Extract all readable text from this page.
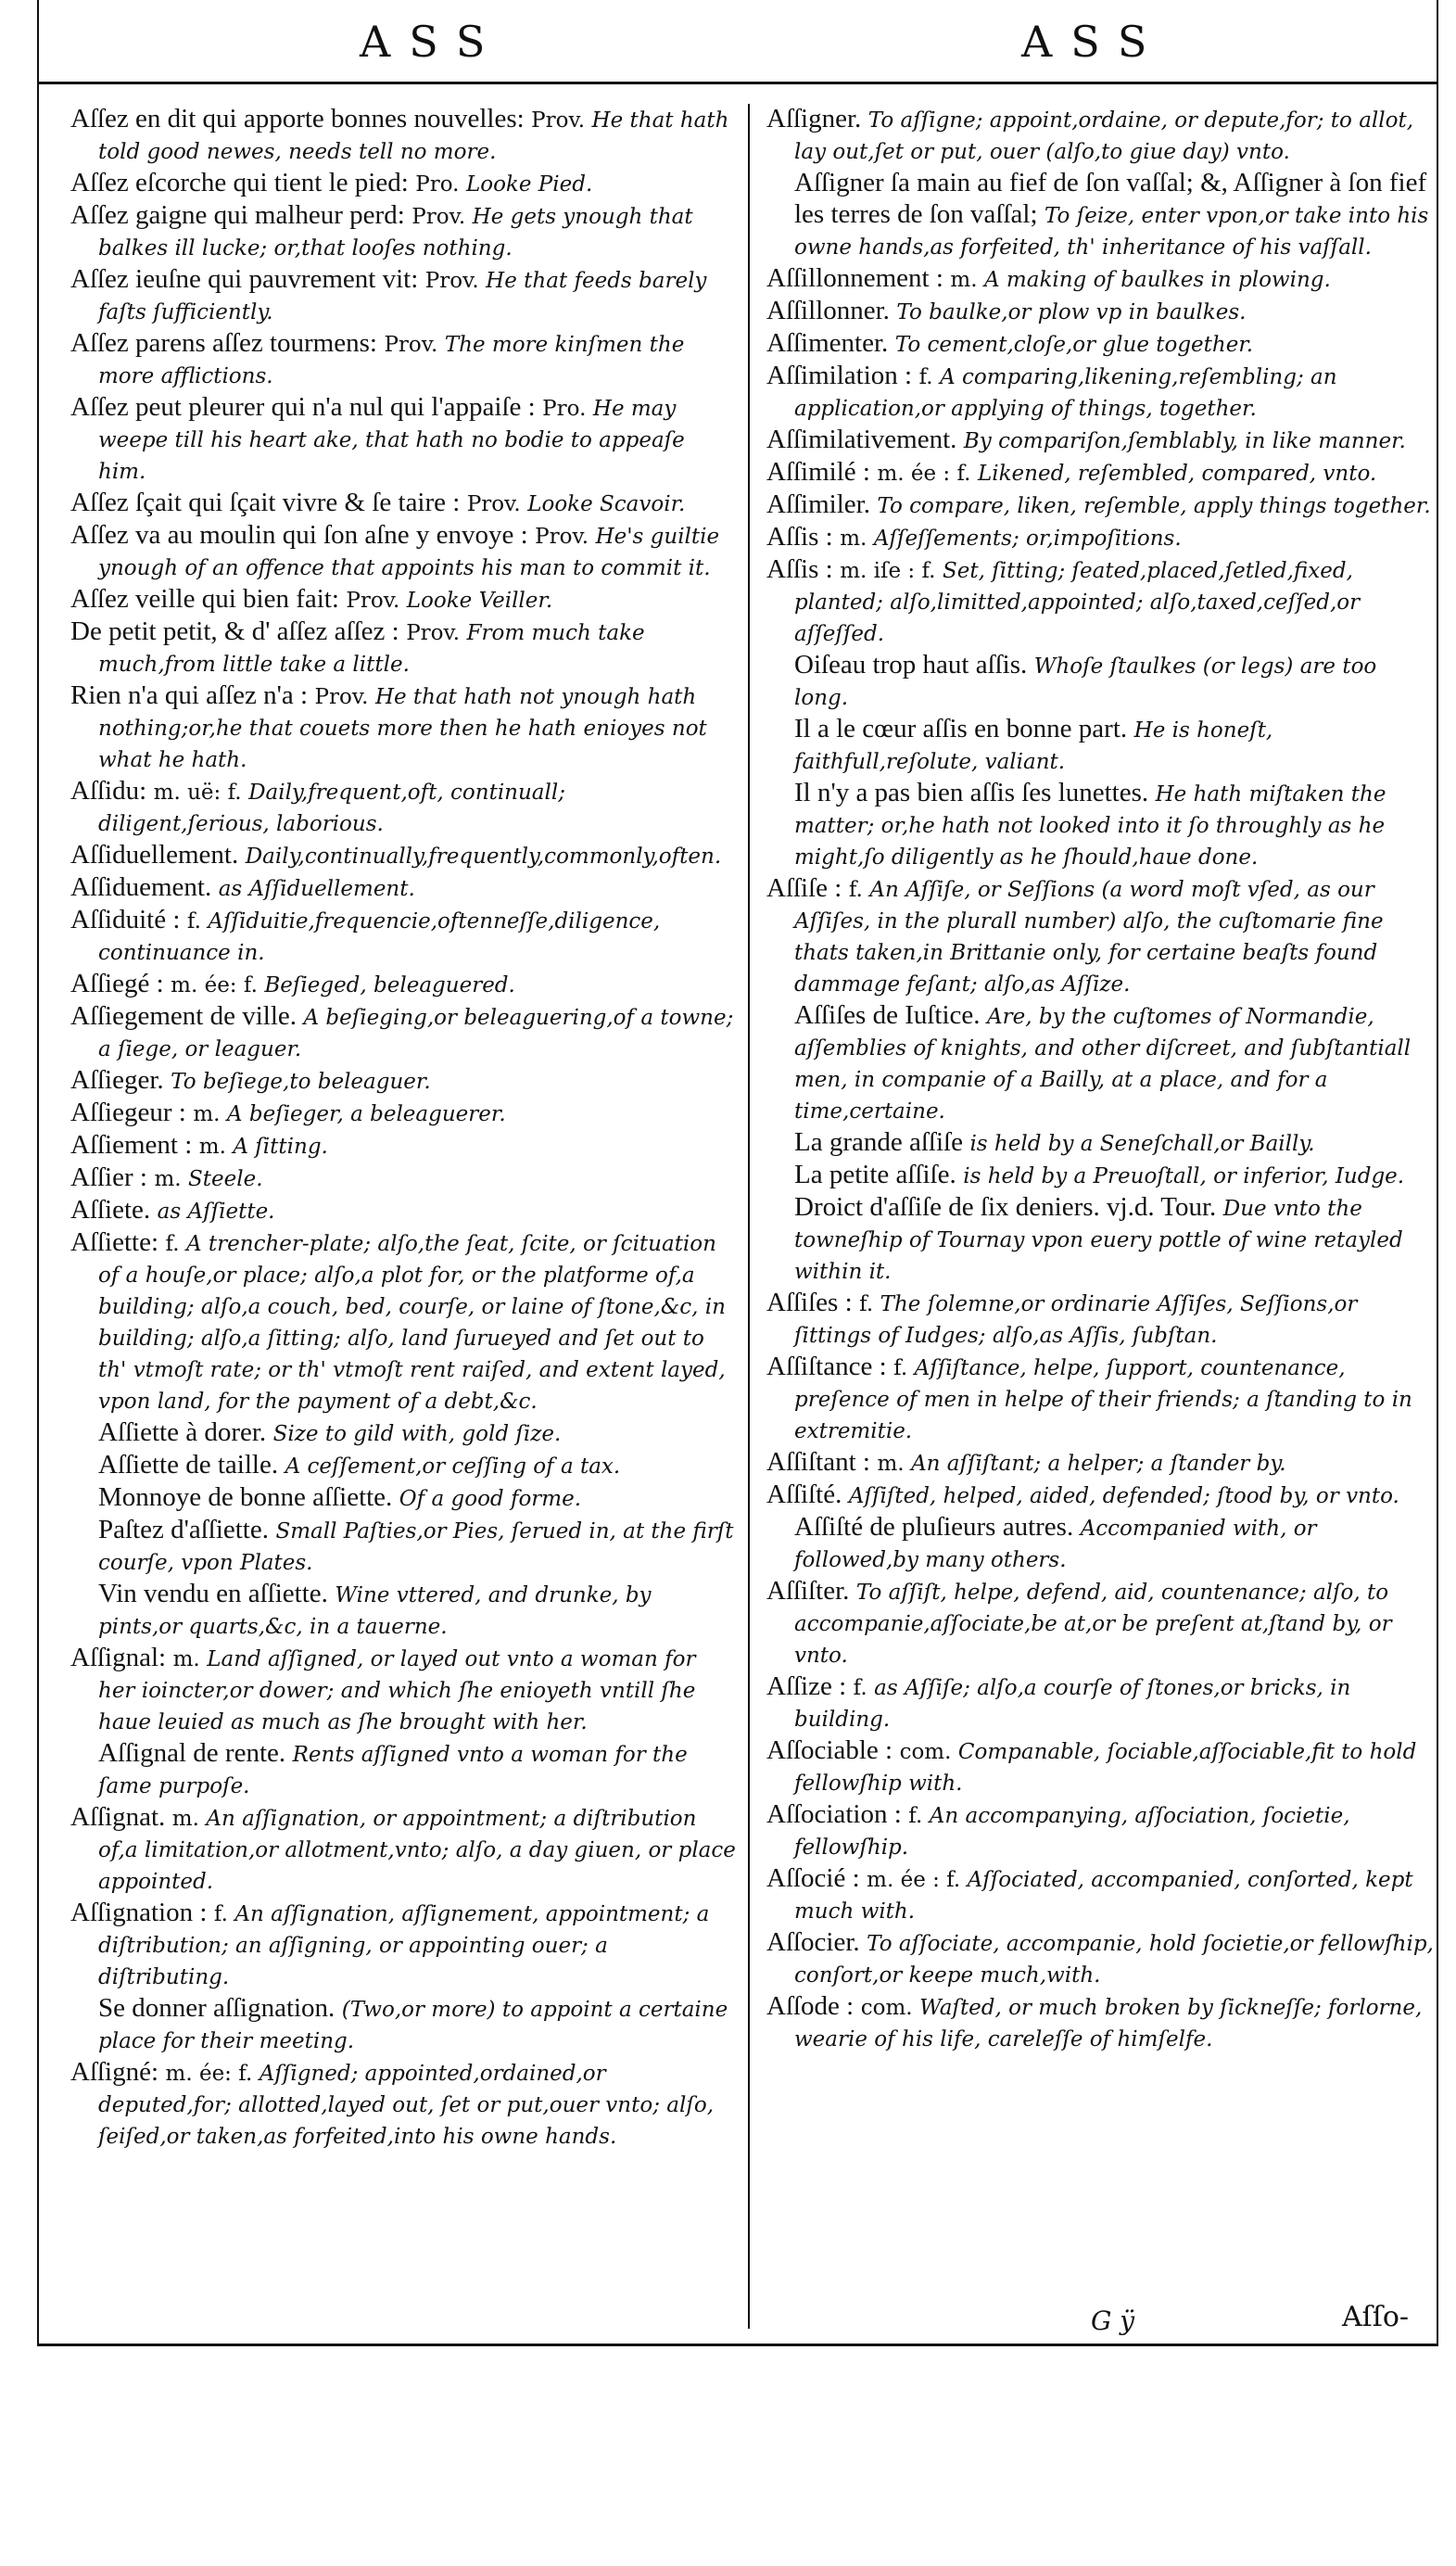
ASS	ASS
Aſſez en dit qui apporte bonnes nouvelles: Prov. He that hath told good newes, needs tell no more.
Aſſez eſcorche qui tient le pied: Pro. Looke Pied.
Aſſez gaigne qui malheur perd: Prov. He gets ynough that balkes ill lucke; or,that looſes nothing.
Aſſez ieuſne qui pauvrement vit: Prov. He that feeds barely faſts ſufficiently.
Aſſez parens aſſez tourmens: Prov. The more kinſmen the more afflictions.
Aſſez peut pleurer qui n'a nul qui l'appaiſe : Pro. He may weepe till his heart ake, that hath no bodie to appeaſe him.
Aſſez ſçait qui ſçait vivre & ſe taire : Prov. Looke Scavoir.
Aſſez va au moulin qui ſon aſne y envoye : Prov. He's guiltie ynough of an offence that appoints his man to commit it.
Aſſez veille qui bien fait: Prov. Looke Veiller.
De petit petit, & d' aſſez aſſez : Prov. From much take much,from little take a little.
Rien n'a qui aſſez n'a : Prov. He that hath not ynough hath nothing;or,he that couets more then he hath enioyes not what he hath.
Aſſidu: m. uë: f. Daily,frequent,oft, continuall; diligent,ſerious, laborious.
Aſſiduellement. Daily,continually,frequently,commonly,often.
Aſſiduement. as Aſſiduellement.
Aſſiduité : f. Aſſiduitie,frequencie,oftenneſſe,diligence, continuance in.
Aſſiegé : m. ée: f. Beſieged, beleaguered.
Aſſiegement de ville. A beſieging,or beleaguering,of a towne; a ſiege, or leaguer.
Aſſieger. To beſiege,to beleaguer.
Aſſiegeur : m. A beſieger, a beleaguerer.
Aſſiement : m. A ſitting.
Aſſier : m. Steele.
Aſſiete. as Aſſiette.
Aſſiette: f. A trencher-plate; alſo,the ſeat, ſcite, or ſcituation of a houſe,or place; alſo,a plot for, or the platforme of,a building; alſo,a couch, bed, courſe, or laine of ſtone,&c, in building; alſo,a ſitting; alſo, land ſurueyed and ſet out to th' vtmoſt rate; or th' vtmoſt rent raiſed, and extent layed, vpon land, for the payment of a debt,&c.
Aſſiette à dorer. Size to gild with, gold ſize.
Aſſiette de taille. A ceſſement,or ceſſing of a tax.
Monnoye de bonne aſſiette. Of a good forme.
Paſtez d'aſſiette. Small Paſties,or Pies, ſerued in, at the firſt courſe, vpon Plates.
Vin vendu en aſſiette. Wine vttered, and drunke, by pints,or quarts,&c, in a tauerne.
Aſſignal: m. Land aſſigned, or layed out vnto a woman for her ioincter,or dower; and which ſhe enioyeth vntill ſhe haue leuied as much as ſhe brought with her.
Aſſignal de rente. Rents aſſigned vnto a woman for the ſame purpoſe.
Aſſignat. m. An aſſignation, or appointment; a diſtribution of,a limitation,or allotment,vnto; alſo, a day giuen, or place appointed.
Aſſignation : f. An aſſignation, aſſignement, appointment; a diſtribution; an aſſigning, or appointing ouer; a diſtributing.
Se donner aſſignation. (Two,or more) to appoint a certaine place for their meeting.
Aſſigné: m. ée: f. Aſſigned; appointed,ordained,or deputed,for; allotted,layed out, ſet or put,ouer vnto; alſo, ſeiſed,or taken,as forfeited,into his owne hands.
Aſſigner. To aſſigne; appoint,ordaine, or depute,for; to allot, lay out,ſet or put, ouer (alſo,to giue day) vnto.
Aſſigner ſa main au fief de ſon vaſſal; &, Aſſigner à ſon fief les terres de ſon vaſſal; To ſeize, enter vpon,or take into his owne hands,as forfeited, th' inheritance of his vaſſall.
Aſſillonnement : m. A making of baulkes in plowing.
Aſſillonner. To baulke,or plow vp in baulkes.
Aſſimenter. To cement,cloſe,or glue together.
Aſſimilation : f. A comparing,likening,reſembling; an application,or applying of things, together.
Aſſimilativement. By compariſon,ſemblably, in like manner.
Aſſimilé : m. ée : f. Likened, reſembled, compared, vnto.
Aſſimiler. To compare, liken, reſemble, apply things together.
Aſſis : m. Aſſeſſements; or,impoſitions.
Aſſis : m. iſe : f. Set, ſitting; ſeated,placed,ſetled,fixed, planted; alſo,limitted,appointed; alſo,taxed,ceſſed,or aſſeſſed.
Oiſeau trop haut aſſis. Whoſe ſtaulkes (or legs) are too long.
Il a le cœur aſſis en bonne part. He is honeſt, faithfull,reſolute, valiant.
Il n'y a pas bien aſſis ſes lunettes. He hath miſtaken the matter; or,he hath not looked into it ſo throughly as he might,ſo diligently as he ſhould,haue done.
Aſſiſe : f. An Aſſiſe, or Seſſions (a word moſt vſed, as our Aſſiſes, in the plurall number) alſo, the cuſtomarie fine thats taken,in Brittanie only, for certaine beaſts found dammage feſant; alſo,as Aſſize.
Aſſiſes de Iuſtice. Are, by the cuſtomes of Normandie, aſſemblies of knights, and other diſcreet, and ſubſtantiall men, in companie of a Bailly, at a place, and for a time,certaine.
La grande aſſiſe is held by a Seneſchall,or Bailly.
La petite aſſiſe. is held by a Preuoſtall, or inferior, Iudge.
Droict d'aſſiſe de ſix deniers. vj.d. Tour. Due vnto the towneſhip of Tournay vpon euery pottle of wine retayled within it.
Aſſiſes : f. The ſolemne,or ordinarie Aſſiſes, Seſſions,or ſittings of Iudges; alſo,as Aſſis, ſubſtan.
Aſſiſtance : f. Aſſiſtance, helpe, ſupport, countenance, preſence of men in helpe of their friends; a ſtanding to in extremitie.
Aſſiſtant : m. An aſſiſtant; a helper; a ſtander by.
Aſſiſté. Aſſiſted, helped, aided, defended; ſtood by, or vnto.
Aſſiſté de pluſieurs autres. Accompanied with, or followed,by many others.
Aſſiſter. To aſſiſt, helpe, defend, aid, countenance; alſo, to accompanie,aſſociate,be at,or be preſent at,ſtand by, or vnto.
Aſſize : f. as Aſſiſe; alſo,a courſe of ſtones,or bricks, in building.
Aſſociable : com. Companable, ſociable,aſſociable,fit to hold fellowſhip with.
Aſſociation : f. An accompanying, aſſociation, ſocietie, fellowſhip.
Aſſocié : m. ée : f. Aſſociated, accompanied, conſorted, kept much with.
Aſſocier. To aſſociate, accompanie, hold ſocietie,or fellowſhip, conſort,or keepe much,with.
Aſſode : com. Waſted, or much broken by ſickneſſe; forlorne, wearie of his life, careleſſe of himſelfe.
G ÿ	Aſſo-
